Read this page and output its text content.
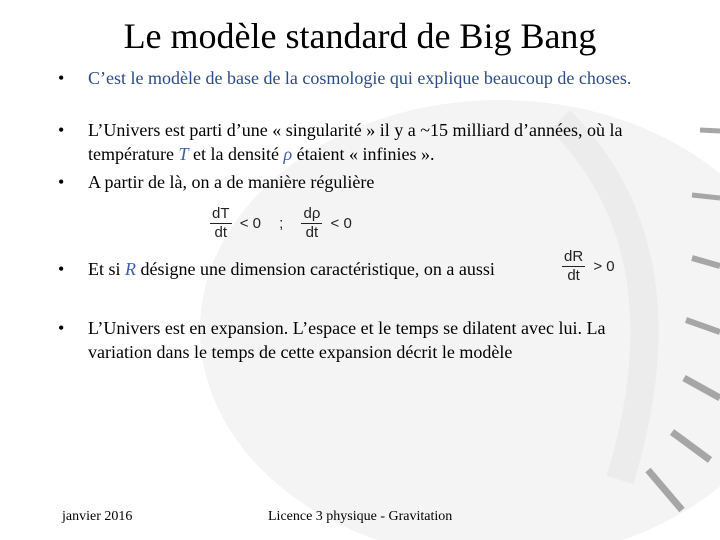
Le modèle standard de Big Bang
• C’est le modèle de base de la cosmologie qui explique beaucoup de choses.
• L’Univers est parti d’une « singularité » il y a ~15 milliard d’années, où la température T et la densité ρ étaient « infinies ».
• A partir de là, on a de manière régulière
$\frac{dT}{dt} < 0$ ; $\frac{d\rho}{dt} < 0$
• Et si R désigne une dimension caractéristique, on a aussi	$\frac{dR}{dt} > 0$
• L’Univers est en expansion. L’espace et le temps se dilatent avec lui. La variation dans le temps de cette expansion décrit le modèle
janvier 2016	Licence 3 physique - Gravitation
